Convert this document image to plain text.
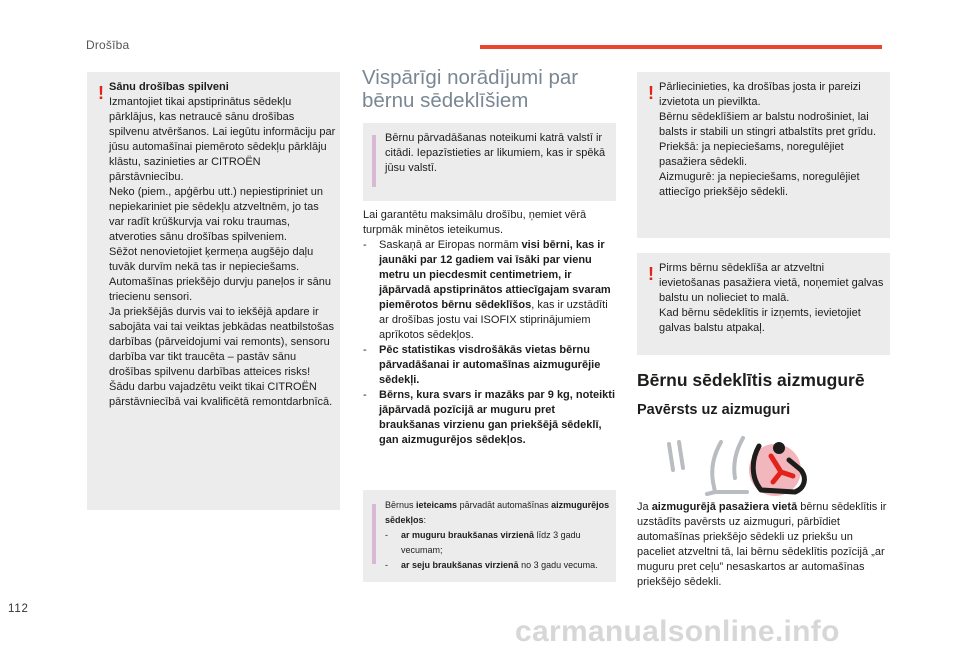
Drošība
! Sānu drošības spilveni

Izmantojiet tikai apstiprinātus sēdekļu pārklājus, kas netraucē sānu drošības spilvenu atvēršanos. Lai iegūtu informāciju par jūsu automašīnai piemēroto sēdekļu pārklāju klāstu, sazinieties ar CITROËN pārstāvniecību.

Neko (piem., apģērbu utt.) nepiestipriniet un nepiekariniet pie sēdekļu atzveltnēm, jo tas var radīt krūškurvja vai roku traumas, atveroties sānu drošības spilveniem.

Sēžot nenovietojiet ķermeņa augšējo daļu tuvāk durvīm nekā tas ir nepieciešams.

Automašīnas priekšējo durvju paneļos ir sānu triecienu sensori.

Ja priekšējās durvis vai to iekšējā apdare ir sabojāta vai tai veiktas jebkādas neatbilstošas darbības (pārveidojumi vai remonts), sensoru darbība var tikt traucēta – pastāv sānu drošības spilvenu darbības atteices risks!

Šādu darbu vajadzētu veikt tikai CITROËN pārstāvniecībā vai kvalificētā remontdarbnīcā.

Vispārīgi norādījumi par bērnu sēdeklīšiem

Bērnu pārvadāšanas noteikumi katrā valstī ir citādi. Iepazīstieties ar likumiem, kas ir spēkā jūsu valstī.

Lai garantētu maksimālu drošību, ņemiet vērā turpmāk minētos ieteikumus.

- Saskaņā ar Eiropas normām visi bērni, kas ir jaunāki par 12 gadiem vai īsāki par vienu metru un piecdesmit centimetriem, ir jāpārvadā apstiprinātos attiecīgajam svaram piemērotos bērnu sēdeklīšos, kas ir uzstādīti ar drošības jostu vai ISOFIX stiprinājumiem aprīkotos sēdekļos.

- Pēc statistikas visdrošākās vietas bērnu pārvadāšanai ir automašīnas aizmugurējie sēdekļi.

- Bērns, kura svars ir mazāks par 9 kg, noteikti jāpārvadā pozīcijā ar muguru pret braukšanas virzienu gan priekšējā sēdeklī, gan aizmugurējos sēdekļos.

Bērnus ieteicams pārvadāt automašīnas aizmugurējos sēdekļos:

- ar muguru braukšanas virzienā līdz 3 gadu vecumam;

- ar seju braukšanas virzienā no 3 gadu vecuma.

! Pārliecinieties, ka drošības josta ir pareizi izvietota un pievilkta.

Bērnu sēdeklīšiem ar balstu nodrošiniet, lai balsts ir stabili un stingri atbalstīts pret grīdu.

Priekšā: ja nepieciešams, noregulējiet pasažiera sēdekli.

Aizmugurē: ja nepieciešams, noregulējiet attiecīgo priekšējo sēdekli.

! Pirms bērnu sēdeklīša ar atzveltni ievietošanas pasažiera vietā, noņemiet galvas balstu un nolieciet to malā.

Kad bērnu sēdeklītis ir izņemts, ievietojiet galvas balstu atpakaļ.

Bērnu sēdeklītis aizmugurē
Pavērsts uz aizmuguri

Ja aizmugurējā pasažiera vietā bērnu sēdeklītis ir uzstādīts pavērsts uz aizmuguri, pārbīdiet automašīnas priekšējo sēdekli uz priekšu un paceliet atzveltni tā, lai bērnu sēdeklītis pozīcijā „ar muguru pret ceļu” nesaskartos ar automašīnas priekšējo sēdekli.

112
carmanualsonline.info
